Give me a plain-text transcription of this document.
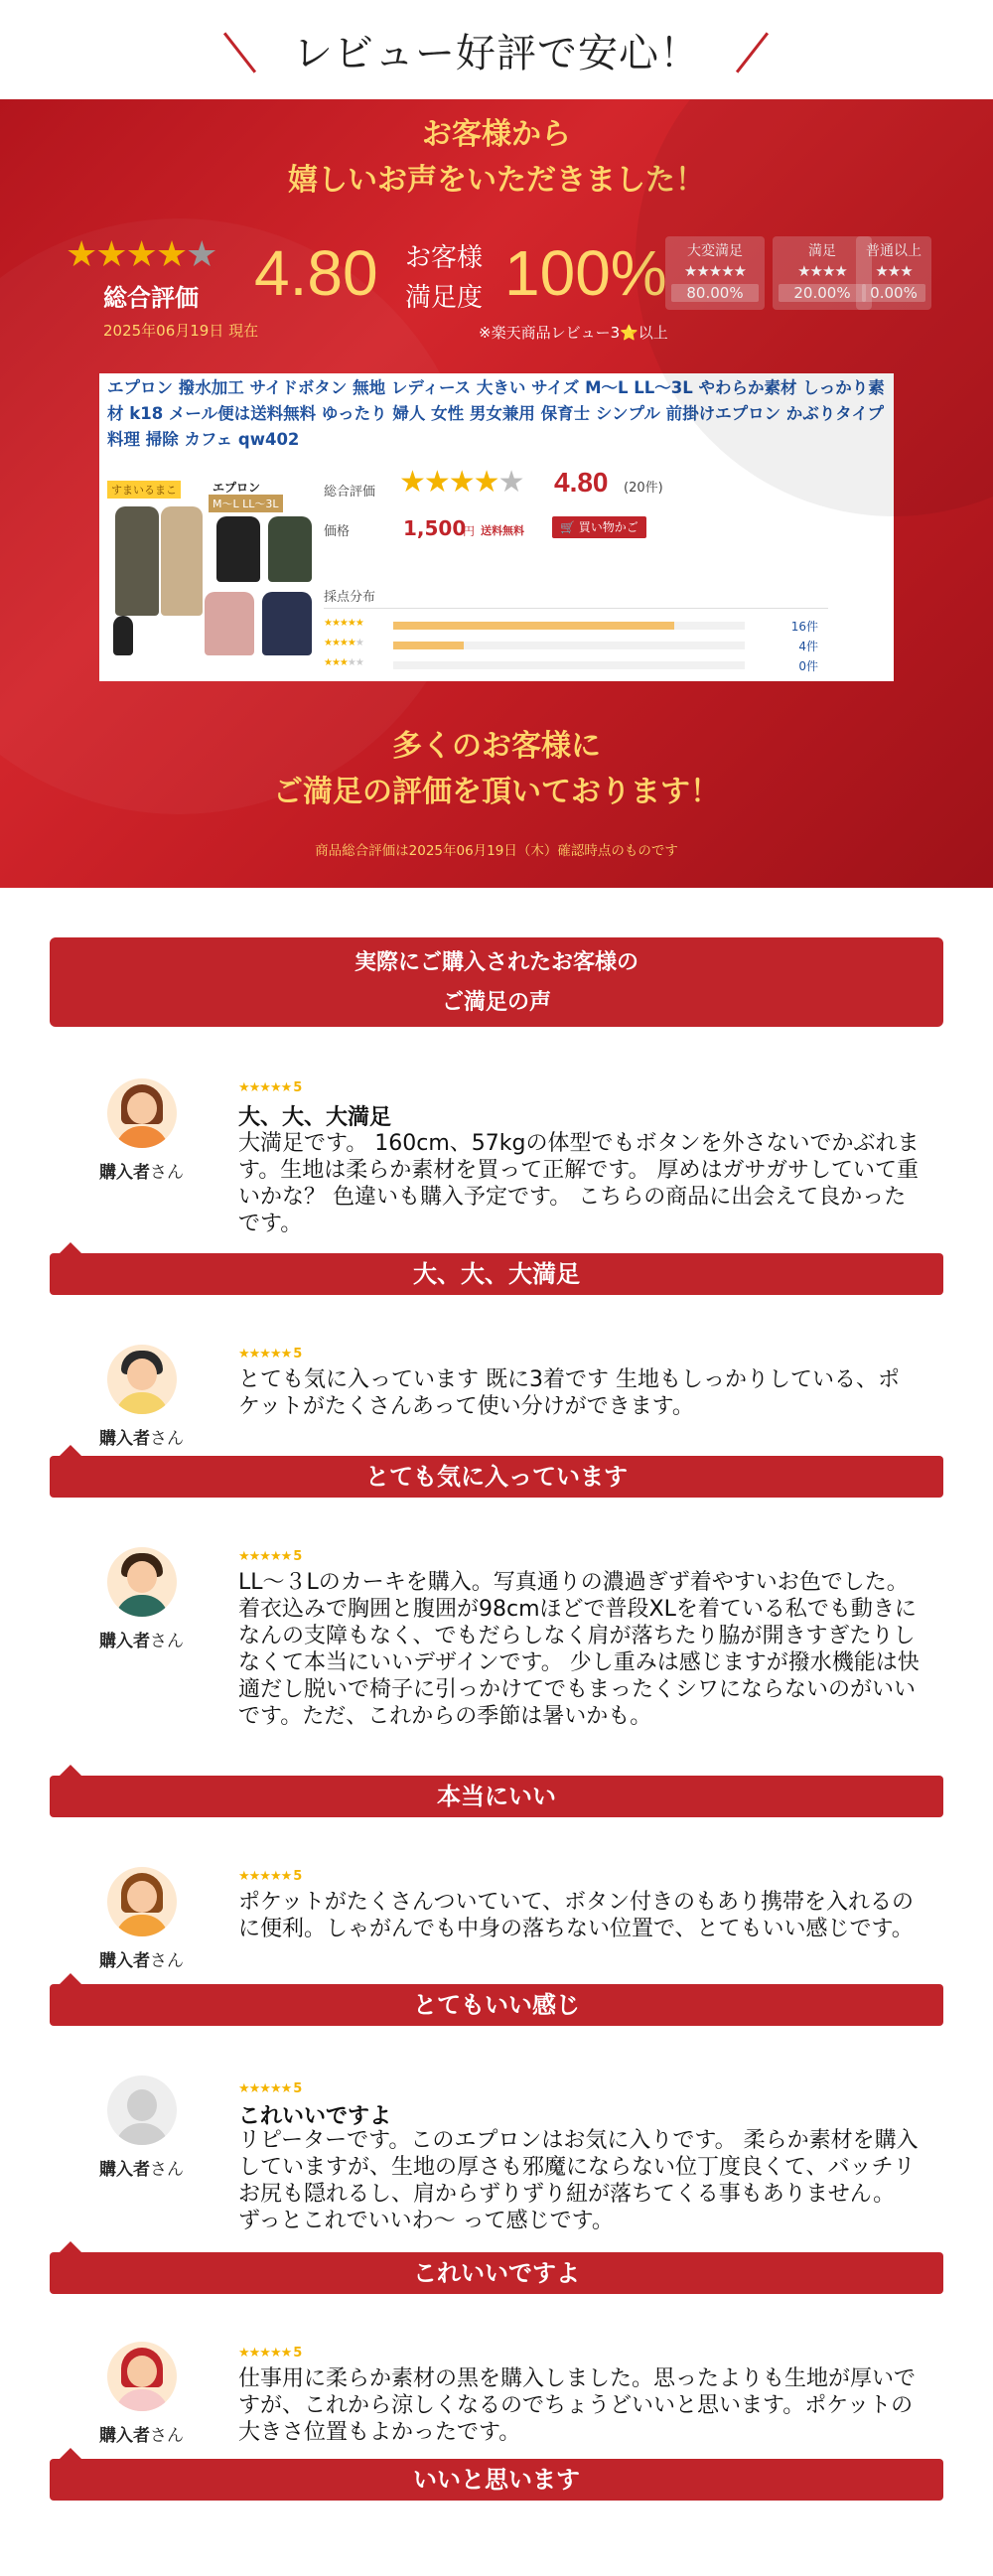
レビュー好評で安心！
お客様から
嬉しいお声をいただきました！
★★★★★
総合評価
2025年06月19日 現在
4.80 お客様
満足度 100%
※楽天商品レビュー3⭐以上
大変満足
★★★★★
80.00%
満足
★★★★
20.00%
普通以上
★★★
0.00%
エプロン 撥水加工 サイドボタン 無地 レディース 大きい サイズ M～L LL～3L やわらか素材 しっかり素材 k18 メール便は送料無料 ゆったり 婦人 女性 男女兼用 保育士 シンプル 前掛けエプロン かぶりタイプ 料理 掃除 カフェ qw402
すまいるまこ	エプロン
M～L LL～3L
総合評価 ★★★★★ 4.80 (20件)
価格	1,500
円 送料無料	🛒 買い物かご
採点分布
★★★★★	16件
★★★★★	4件
★★★★★	0件
多くのお客様に
ご満足の評価を頂いております！
商品総合評価は2025年06月19日（木）確認時点のものです
実際にご購入されたお客様の
ご満足の声
購入者さん
★★★★★ 5
大、大、大満足
大満足です。 160cm、57kgの体型でもボタンを外さないでかぶれます。生地は柔らか素材を買って正解です。 厚めはガサガサしていて重いかな？ 色違いも購入予定です。 こちらの商品に出会えて良かったです。
大、大、大満足
購入者さん
★★★★★ 5
とても気に入っています 既に3着です 生地もしっかりしている、ポケットがたくさんあって使い分けができます。
とても気に入っています
購入者さん
★★★★★ 5
LL～３Lのカーキを購入。写真通りの濃過ぎず着やすいお色でした。 着衣込みで胸囲と腹囲が98cmほどで普段XLを着ている私でも動きになんの支障もなく、でもだらしなく肩が落ちたり脇が開きすぎたりしなくて本当にいいデザインです。 少し重みは感じますが撥水機能は快適だし脱いで椅子に引っかけてでもまったくシワにならないのがいいです。ただ、これからの季節は暑いかも。
本当にいい
購入者さん
★★★★★ 5
ポケットがたくさんついていて、ボタン付きのもあり携帯を入れるのに便利。しゃがんでも中身の落ちない位置で、とてもいい感じです。
とてもいい感じ
購入者さん
★★★★★ 5
これいいですよ
リピーターです。このエプロンはお気に入りです。 柔らか素材を購入していますが、生地の厚さも邪魔にならない位丁度良くて、バッチリお尻も隠れるし、肩からずりずり紐が落ちてくる事もありません。 ずっとこれでいいわ〜 って感じです。
これいいですよ
購入者さん
★★★★★ 5
仕事用に柔らか素材の黒を購入しました。思ったよりも生地が厚いですが、これから涼しくなるのでちょうどいいと思います。ポケットの大きさ位置もよかったです。
いいと思います
